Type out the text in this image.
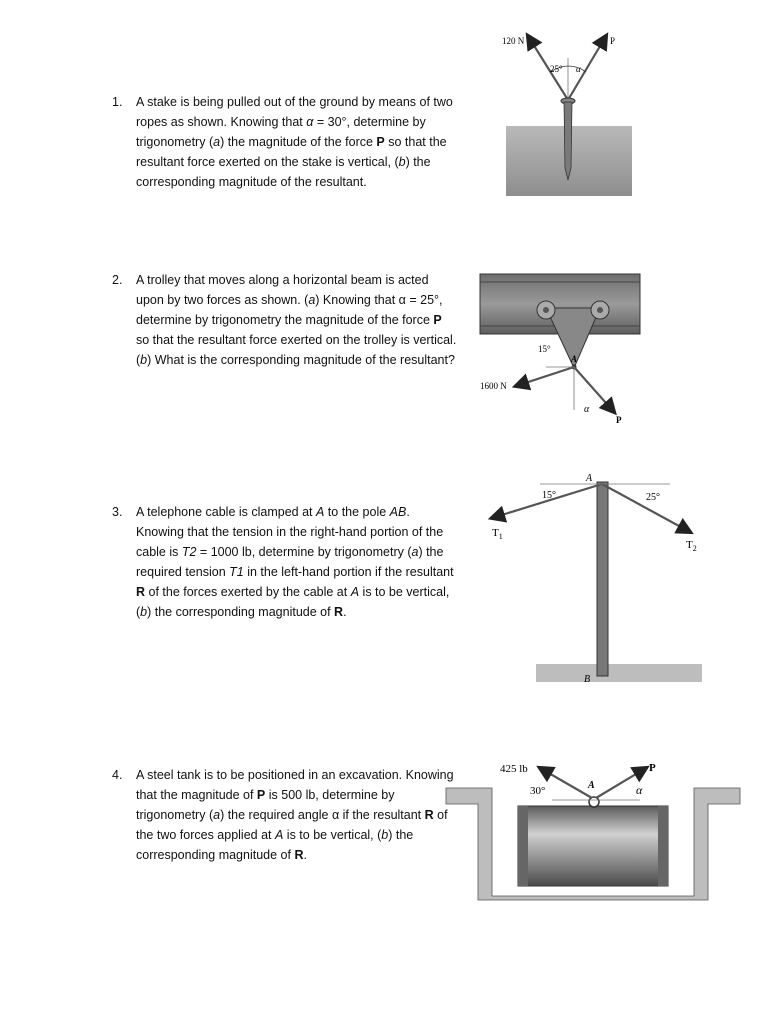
1. A stake is being pulled out of the ground by means of two ropes as shown. Knowing that α = 30°, determine by trigonometry (a) the magnitude of the force P so that the resultant force exerted on the stake is vertical, (b) the corresponding magnitude of the resultant.
120 N	P
25° α
2. A trolley that moves along a horizontal beam is acted upon by two forces as shown. (a) Knowing that α = 25°, determine by trigonometry the magnitude of the force P so that the resultant force exerted on the trolley is vertical. (b) What is the corresponding magnitude of the resultant?
15°
A
1600 N
α
P
3. A telephone cable is clamped at A to the pole AB. Knowing that the tension in the right-hand portion of the cable is T2 = 1000 lb, determine by trigonometry (a) the required tension T1 in the left-hand portion if the resultant R of the forces exerted by the cable at A is to be vertical, (b) the corresponding magnitude of R.
A
15°	25°
$T_1$
$T_2$
B
4. A steel tank is to be positioned in an excavation. Knowing that the magnitude of P is 500 lb, determine by trigonometry (a) the required angle α if the resultant R of the two forces applied at A is to be vertical, (b) the corresponding magnitude of R.
425 lb
30°	A	α
P
